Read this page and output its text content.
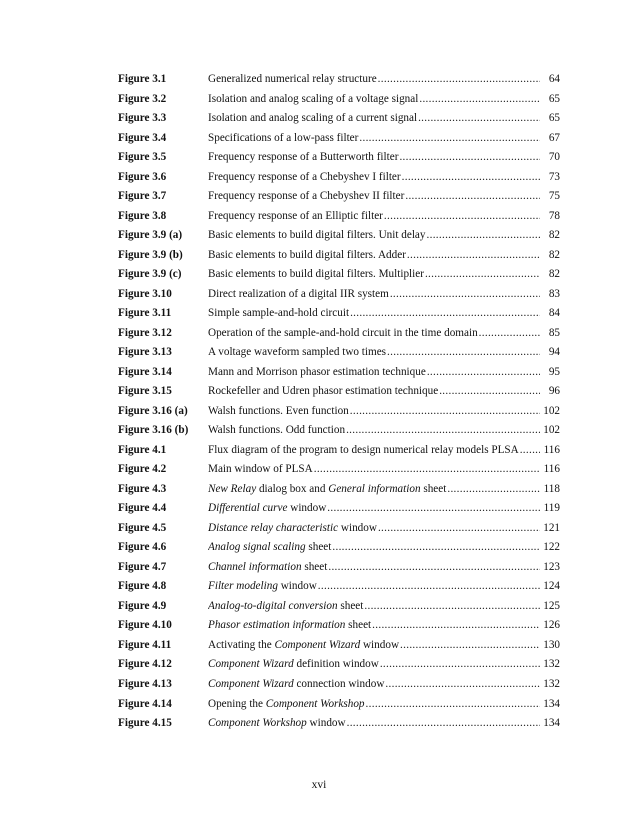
Figure 3.1	Generalized numerical relay structure .....	64
Figure 3.2	Isolation and analog scaling of a voltage signal .....	65
Figure 3.3	Isolation and analog scaling of a current signal .....	65
Figure 3.4	Specifications of a low-pass filter .....	67
Figure 3.5	Frequency response of a Butterworth filter .....	70
Figure 3.6	Frequency response of a Chebyshev I filter .....	73
Figure 3.7	Frequency response of a Chebyshev II filter .....	75
Figure 3.8	Frequency response of an Elliptic filter .....	78
Figure 3.9 (a) Basic elements to build digital filters. Unit delay .....	82
Figure 3.9 (b) Basic elements to build digital filters. Adder .....	82
Figure 3.9 (c) Basic elements to build digital filters. Multiplier .....	82
Figure 3.10	Direct realization of a digital IIR system .....	83
Figure 3.11	Simple sample-and-hold circuit .....	84
Figure 3.12	Operation of the sample-and-hold circuit in the time domain .....	85
Figure 3.13	A voltage waveform sampled two times .....	94
Figure 3.14	Mann and Morrison phasor estimation technique .....	95
Figure 3.15	Rockefeller and Udren phasor estimation technique .....	96
Figure 3.16 (a) Walsh functions. Even function .....	102
Figure 3.16 (b) Walsh functions. Odd function .....	102
Figure 4.1	Flux diagram of the program to design numerical relay models PLSA ..... 116
Figure 4.2	Main window of PLSA .....	116
Figure 4.3	New Relay dialog box and General information sheet .....	118
Figure 4.4	Differential curve window .....	119
Figure 4.5	Distance relay characteristic window .....	121
Figure 4.6	Analog signal scaling sheet .....	122
Figure 4.7	Channel information sheet .....	123
Figure 4.8	Filter modeling window .....	124
Figure 4.9	Analog-to-digital conversion sheet .....	125
Figure 4.10	Phasor estimation information sheet .....	126
Figure 4.11	Activating the Component Wizard window .....	130
Figure 4.12	Component Wizard definition window .....	132
Figure 4.13	Component Wizard connection window .....	132
Figure 4.14	Opening the Component Workshop .....	134
Figure 4.15	Component Workshop window .....	134
xvi
